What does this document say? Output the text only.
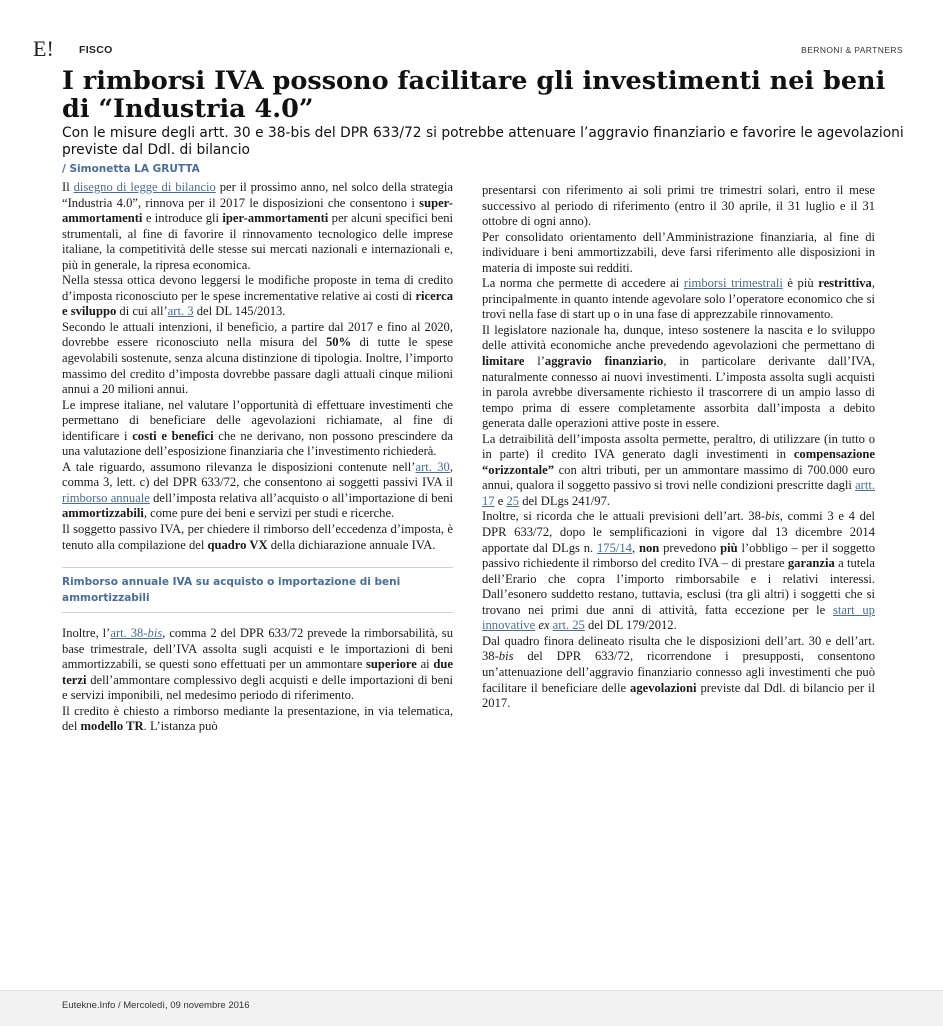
E! FISCO	BERNONI & PARTNERS
I rimborsi IVA possono facilitare gli investimenti nei beni di “Industria 4.0”

Con le misure degli artt. 30 e 38-bis del DPR 633/72 si potrebbe attenuare l’aggravio finanziario e favorire le agevolazioni previste dal Ddl. di bilancio

/ Simonetta LA GRUTTA

Il disegno di legge di bilancio per il prossimo anno, nel solco della strategia “Industria 4.0”, rinnova per il 2017 le disposizioni che consentono i super-ammortamenti e introduce gli iper-ammortamenti per alcuni specifici beni strumentali, al fine di favorire il rinnovamento tecnologico delle imprese italiane, la competitività delle stesse sui mercati nazionali e internazionali e, più in generale, la ripresa economica.

Nella stessa ottica devono leggersi le modifiche proposte in tema di credito d’imposta riconosciuto per le spese incrementative relative ai costi di ricerca e sviluppo di cui all’art. 3 del DL 145/2013.

Secondo le attuali intenzioni, il beneficio, a partire dal 2017 e fino al 2020, dovrebbe essere riconosciuto nella misura del 50% di tutte le spese agevolabili sostenute, senza alcuna distinzione di tipologia. Inoltre, l’importo massimo del credito d’imposta dovrebbe passare dagli attuali cinque milioni annui a 20 milioni annui.

Le imprese italiane, nel valutare l’opportunità di effettuare investimenti che permettano di beneficiare delle agevolazioni richiamate, al fine di identificare i costi e benefici che ne derivano, non possono prescindere da una valutazione dell’esposizione finanziaria che l’investimento richiederà.

A tale riguardo, assumono rilevanza le disposizioni contenute nell’art. 30, comma 3, lett. c) del DPR 633/72, che consentono ai soggetti passivi IVA il rimborso annuale dell’imposta relativa all’acquisto o all’importazione di beni ammortizzabili, come pure dei beni e servizi per studi e ricerche.

Il soggetto passivo IVA, per chiedere il rimborso dell’eccedenza d’imposta, è tenuto alla compilazione del quadro VX della dichiarazione annuale IVA.

Rimborso annuale IVA su acquisto o importazione di beni ammortizzabili

Inoltre, l’art. 38-bis, comma 2 del DPR 633/72 prevede la rimborsabilità, su base trimestrale, dell’IVA assolta sugli acquisti e le importazioni di beni ammortizzabili, se questi sono effettuati per un ammontare superiore ai due terzi dell’ammontare complessivo degli acquisti e delle importazioni di beni e servizi imponibili, nel medesimo periodo di riferimento.

Il credito è chiesto a rimborso mediante la presentazione, in via telematica, del modello TR. L’istanza può

presentarsi con riferimento ai soli primi tre trimestri solari, entro il mese successivo al periodo di riferimento (entro il 30 aprile, il 31 luglio e il 31 ottobre di ogni anno).

Per consolidato orientamento dell’Amministrazione finanziaria, al fine di individuare i beni ammortizzabili, deve farsi riferimento alle disposizioni in materia di imposte sui redditi.

La norma che permette di accedere ai rimborsi trimestrali è più restrittiva, principalmente in quanto intende agevolare solo l’operatore economico che si trovi nella fase di start up o in una fase di apprezzabile rinnovamento.

Il legislatore nazionale ha, dunque, inteso sostenere la nascita e lo sviluppo delle attività economiche anche prevedendo agevolazioni che permettano di limitare l’aggravio finanziario, in particolare derivante dall’IVA, naturalmente connesso ai nuovi investimenti. L’imposta assolta sugli acquisti in parola avrebbe diversamente richiesto il trascorrere di un ampio lasso di tempo prima di essere completamente assorbita dall’imposta a debito generata dalle operazioni attive poste in essere.

La detraibilità dell’imposta assolta permette, peraltro, di utilizzare (in tutto o in parte) il credito IVA generato dagli investimenti in compensazione “orizzontale” con altri tributi, per un ammontare massimo di 700.000 euro annui, qualora il soggetto passivo si trovi nelle condizioni prescritte dagli artt. 17 e 25 del DLgs 241/97.

Inoltre, si ricorda che le attuali previsioni dell’art. 38-bis, commi 3 e 4 del DPR 633/72, dopo le semplificazioni in vigore dal 13 dicembre 2014 apportate dal DLgs n. 175/14, non prevedono più l’obbligo – per il soggetto passivo richiedente il rimborso del credito IVA – di prestare garanzia a tutela dell’Erario che copra l’importo rimborsabile e i relativi interessi. Dall’esonero suddetto restano, tuttavia, esclusi (tra gli altri) i soggetti che si trovano nei primi due anni di attività, fatta eccezione per le start up innovative ex art. 25 del DL 179/2012.

Dal quadro finora delineato risulta che le disposizioni dell’art. 30 e dell’art. 38-bis del DPR 633/72, ricorrendone i presupposti, consentono un’attenuazione dell’aggravio finanziario connesso agli investimenti che può facilitare il beneficiare delle agevolazioni previste dal Ddl. di bilancio per il 2017.

Eutekne.Info / Mercoledì, 09 novembre 2016
